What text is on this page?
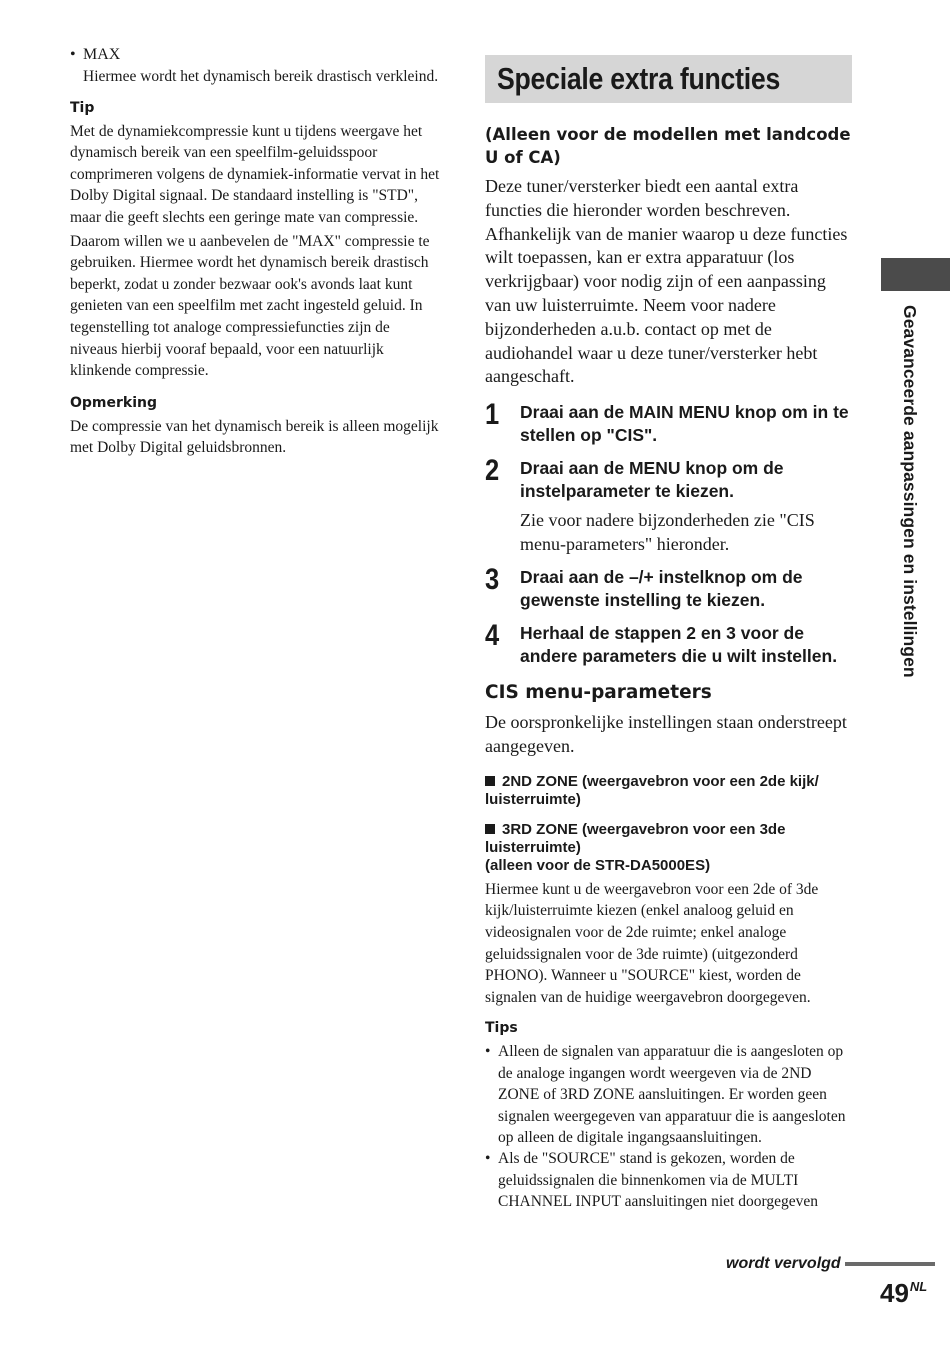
• MAX

Hiermee wordt het dynamisch bereik drastisch verkleind.

Tip

Met de dynamiekcompressie kunt u tijdens weergave het dynamisch bereik van een speelfilm-geluidsspoor comprimeren volgens de dynamiek-informatie vervat in het Dolby Digital signaal. De standaard instelling is "STD", maar die geeft slechts een geringe mate van compressie.

Daarom willen we u aanbevelen de "MAX" compressie te gebruiken. Hiermee wordt het dynamisch bereik drastisch beperkt, zodat u zonder bezwaar ook's avonds laat kunt genieten van een speelfilm met zacht ingesteld geluid. In tegenstelling tot analoge compressiefuncties zijn de niveaus hierbij vooraf bepaald, voor een natuurlijk klinkende compressie.

Opmerking

De compressie van het dynamisch bereik is alleen mogelijk met Dolby Digital geluidsbronnen.

Speciale extra functies
(Alleen voor de modellen met landcode U of CA)

Deze tuner/versterker biedt een aantal extra functies die hieronder worden beschreven. Afhankelijk van de manier waarop u deze functies wilt toepassen, kan er extra apparatuur (los verkrijgbaar) voor nodig zijn of een aanpassing van uw luisterruimte. Neem voor nadere bijzonderheden a.u.b. contact op met de audiohandel waar u deze tuner/versterker hebt aangeschaft.

1	Draai aan de MAIN MENU knop om in te stellen op "CIS".
2	Draai aan de MENU knop om de instelparameter te kiezen.
Zie voor nadere bijzonderheden zie "CIS menu-parameters" hieronder.
3	Draai aan de –/+ instelknop om de gewenste instelling te kiezen.
4	Herhaal de stappen 2 en 3 voor de andere parameters die u wilt instellen.
CIS menu-parameters

De oorspronkelijke instellingen staan onderstreept aangegeven.

2ND ZONE (weergavebron voor een 2de kijk/ luisterruimte)
3RD ZONE (weergavebron voor een 3de luisterruimte)
(alleen voor de STR-DA5000ES)

Hiermee kunt u de weergavebron voor een 2de of 3de kijk/luisterruimte kiezen (enkel analoog geluid en videosignalen voor de 2de ruimte; enkel analoge geluidssignalen voor de 3de ruimte) (uitgezonderd PHONO). Wanneer u "SOURCE" kiest, worden de signalen van de huidige weergavebron doorgegeven.

Tips
• Alleen de signalen van apparatuur die is aangesloten op de analoge ingangen wordt weergeven via de 2ND ZONE of 3RD ZONE aansluitingen. Er worden geen signalen weergegeven van apparatuur die is aangesloten op alleen de digitale ingangsaansluitingen.
• Als de "SOURCE" stand is gekozen, worden de geluidssignalen die binnenkomen via de MULTI CHANNEL INPUT aansluitingen niet doorgegeven
Geavanceerde aanpassingen en instellingen
wordt vervolgd
$49^{NL}$
